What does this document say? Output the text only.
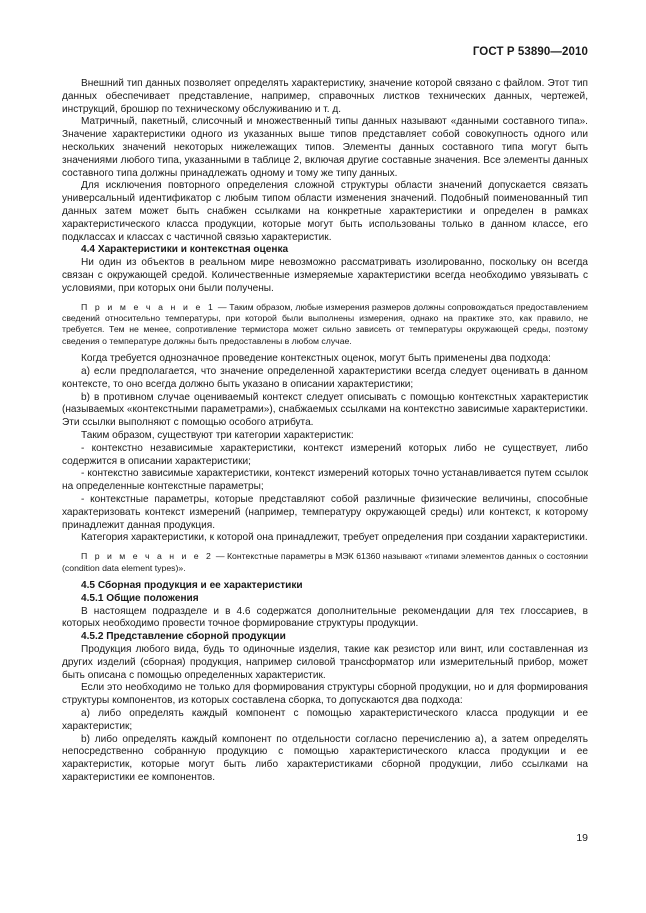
ГОСТ Р 53890—2010

Внешний тип данных позволяет определять характеристику, значение которой связано с файлом. Этот тип данных обеспечивает представление, например, справочных листков технических данных, чертежей, инструкций, брошюр по техническому обслуживанию и т. д.

Матричный, пакетный, слисочный и множественный типы данных называют «данными составного типа». Значение характеристики одного из указанных выше типов представляет собой совокупность одного или нескольких значений некоторых нижележащих типов. Элементы данных составного типа могут быть значениями любого типа, указанными в таблице 2, включая другие составные значения. Все элементы данных составного типа должны принадлежать одному и тому же типу данных.

Для исключения повторного определения сложной структуры области значений допускается связать универсальный идентификатор с любым типом области изменения значений. Подобный поименованный тип данных затем может быть снабжен ссылками на конкретные характеристики и определен в рамках характеристического класса продукции, которые могут быть использованы только в данном классе, его подклассах и классах с частичной связью характеристик.

4.4 Характеристики и контекстная оценка

Ни один из объектов в реальном мире невозможно рассматривать изолированно, поскольку он всегда связан с окружающей средой. Количественные измеряемые характеристики всегда необходимо увязывать с условиями, при которых они были получены.

П р и м е ч а н и е 1 — Таким образом, любые измерения размеров должны сопровождаться предоставлением сведений относительно температуры, при которой были выполнены измерения, однако на практике это, как правило, не требуется. Тем не менее, сопротивление термистора может сильно зависеть от температуры окружающей среды, поэтому сведения о температуре должны быть предоставлены в любом случае.

Когда требуется однозначное проведение контекстных оценок, могут быть применены два подхода:

а) если предполагается, что значение определенной характеристики всегда следует оценивать в данном контексте, то оно всегда должно быть указано в описании характеристики;

b) в противном случае оцениваемый контекст следует описывать с помощью контекстных характеристик (называемых «контекстными параметрами»), снабжаемых ссылками на контекстно зависимые характеристики. Эти ссылки выполняют с помощью особого атрибута.

Таким образом, существуют три категории характеристик:

- контекстно независимые характеристики, контекст измерений которых либо не существует, либо содержится в описании характеристики;

- контекстно зависимые характеристики, контекст измерений которых точно устанавливается путем ссылок на определенные контекстные параметры;

- контекстные параметры, которые представляют собой различные физические величины, способные характеризовать контекст измерений (например, температуру окружающей среды) или контекст, к которому принадлежит данная продукция.

Категория характеристики, к которой она принадлежит, требует определения при создании характеристики.

П р и м е ч а н и е 2 — Контекстные параметры в МЭК 61360 называют «типами элементов данных о состоянии (condition data element types)».

4.5 Сборная продукция и ее характеристики
4.5.1 Общие положения

В настоящем подразделе и в 4.6 содержатся дополнительные рекомендации для тех глоссариев, в которых необходимо провести точное формирование структуры продукции.

4.5.2 Представление сборной продукции

Продукция любого вида, будь то одиночные изделия, такие как резистор или винт, или составленная из других изделий (сборная) продукция, например силовой трансформатор или измерительный прибор, может быть описана с помощью определенных характеристик.

Если это необходимо не только для формирования структуры сборной продукции, но и для формирования структуры компонентов, из которых составлена сборка, то допускаются два подхода:

a) либо определять каждый компонент с помощью характеристического класса продукции и ее характеристик;

b) либо определять каждый компонент по отдельности согласно перечислению а), а затем определять непосредственно собранную продукцию с помощью характеристического класса продукции и ее характеристик, которые могут быть либо характеристиками сборной продукции, либо ссылками на характеристики ее компонентов.

19
